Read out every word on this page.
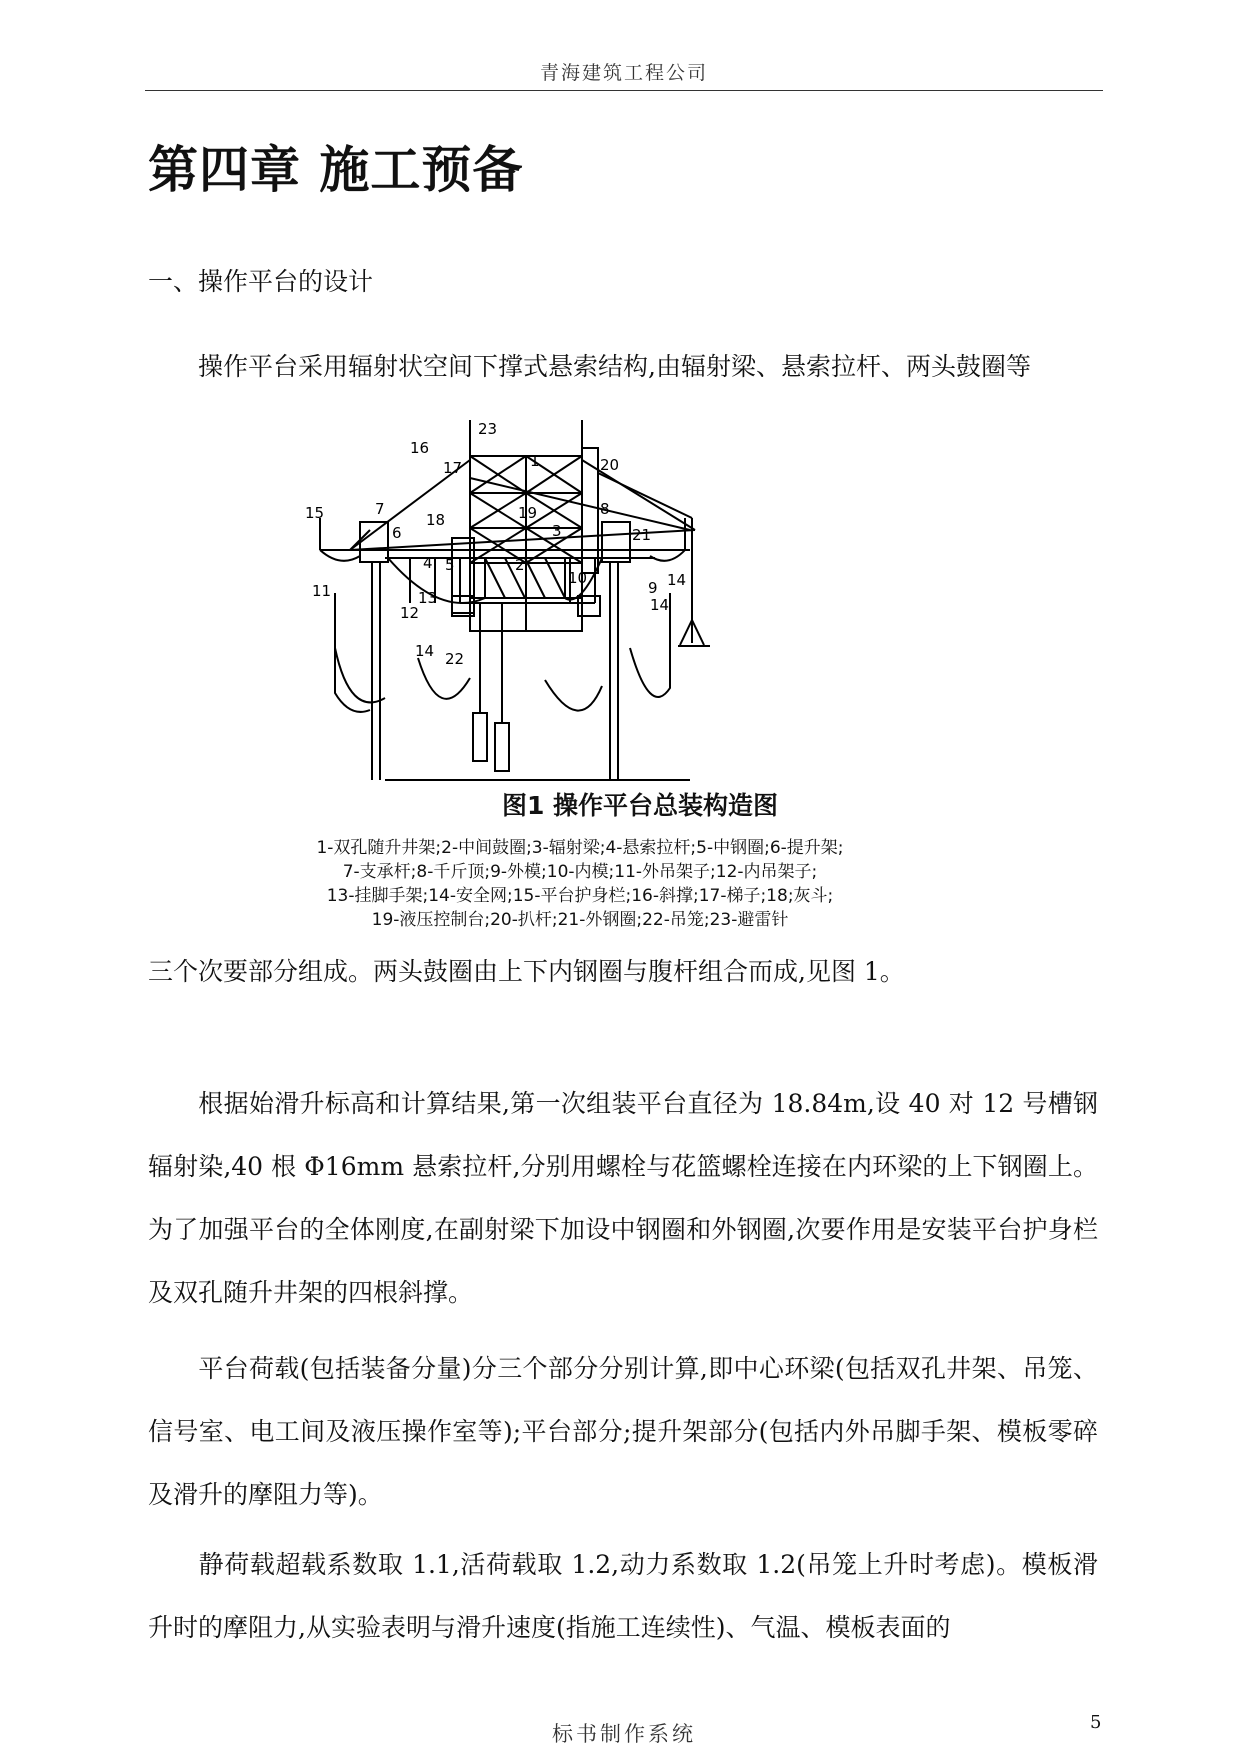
青海建筑工程公司
第四章 施工预备
一、操作平台的设计

操作平台采用辐射状空间下撑式悬索结构,由辐射梁、悬索拉杆、两头鼓圈等

23
1
16
17	20
15	7
6
18	19
3
8
21
4 5	2
10
9 14
11	13
12	14
14 22
图1 操作平台总装构造图
1-双孔随升井架;2-中间鼓圈;3-辐射梁;4-悬索拉杆;5-中钢圈;6-提升架;
7-支承杆;8-千斤顶;9-外模;10-内模;11-外吊架子;12-内吊架子;
13-挂脚手架;14-安全网;15-平台护身栏;16-斜撑;17-梯子;18;灰斗;
19-液压控制台;20-扒杆;21-外钢圈;22-吊笼;23-避雷针

三个次要部分组成。两头鼓圈由上下内钢圈与腹杆组合而成,见图 1。

根据始滑升标高和计算结果,第一次组装平台直径为 18.84m,设 40 对 12 号槽钢辐射染,40 根 Φ16mm 悬索拉杆,分别用螺栓与花篮螺栓连接在内环梁的上下钢圈上。为了加强平台的全体刚度,在副射梁下加设中钢圈和外钢圈,次要作用是安装平台护身栏及双孔随升井架的四根斜撑。

平台荷载(包括装备分量)分三个部分分别计算,即中心环梁(包括双孔井架、吊笼、信号室、电工间及液压操作室等);平台部分;提升架部分(包括内外吊脚手架、模板零碎及滑升的摩阻力等)。

静荷载超载系数取 1.1,活荷载取 1.2,动力系数取 1.2(吊笼上升时考虑)。模板滑升时的摩阻力,从实验表明与滑升速度(指施工连续性)、气温、模板表面的

标书制作系统	5
